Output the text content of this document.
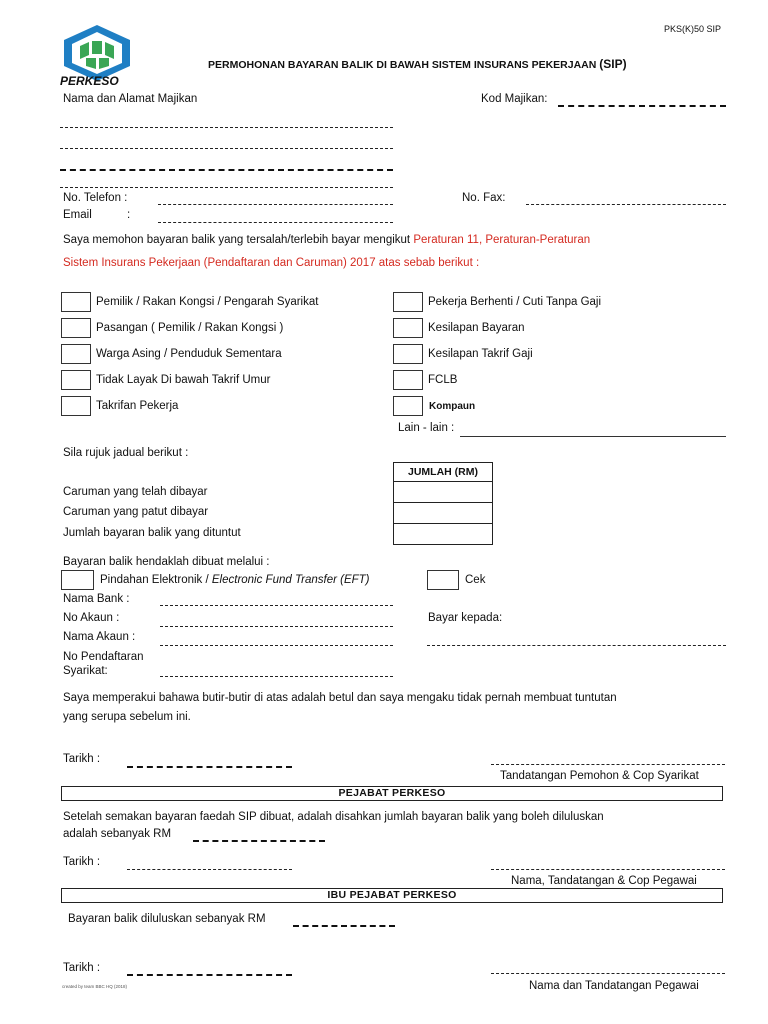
PKS(K)50 SIP
PERKESO
PERMOHONAN BAYARAN BALIK DI BAWAH SISTEM INSURANS PEKERJAAN (SIP)
Nama dan Alamat Majikan	Kod Majikan:
No. Telefon :	No. Fax:
Email	:
Saya memohon bayaran balik yang tersalah/terlebih bayar mengikut Peraturan 11, Peraturan-Peraturan
Sistem Insurans Pekerjaan (Pendaftaran dan Caruman) 2017 atas sebab berikut :
Pemilik / Rakan Kongsi / Pengarah Syarikat
Pasangan ( Pemilik / Rakan Kongsi )
Warga Asing / Penduduk Sementara
Tidak Layak Di bawah Takrif Umur
Takrifan Pekerja
Pekerja Berhenti / Cuti Tanpa Gaji
Kesilapan Bayaran
Kesilapan Takrif Gaji
FCLB
Kompaun
Lain - lain :
Sila rujuk jadual berikut :
JUMLAH (RM)

Caruman yang telah dibayar
Caruman yang patut dibayar
Jumlah bayaran balik yang dituntut
Bayaran balik hendaklah dibuat melalui :
Pindahan Elektronik / Electronic Fund Transfer (EFT)	Cek
Nama Bank :
No Akaun :	Bayar kepada:
Nama Akaun :
No Pendaftaran
Syarikat:
Saya memperakui bahawa butir-butir di atas adalah betul dan saya mengaku tidak pernah membuat tuntutan
yang serupa sebelum ini.
Tarikh :
Tandatangan Pemohon & Cop Syarikat
PEJABAT PERKESO
Setelah semakan bayaran faedah SIP dibuat, adalah disahkan jumlah bayaran balik yang boleh diluluskan
adalah sebanyak RM
Tarikh :
Nama, Tandatangan & Cop Pegawai
IBU PEJABAT PERKESO
Bayaran balik diluluskan sebanyak RM
Tarikh :
Nama dan Tandatangan Pegawai
created by team BBC HQ (2018)
